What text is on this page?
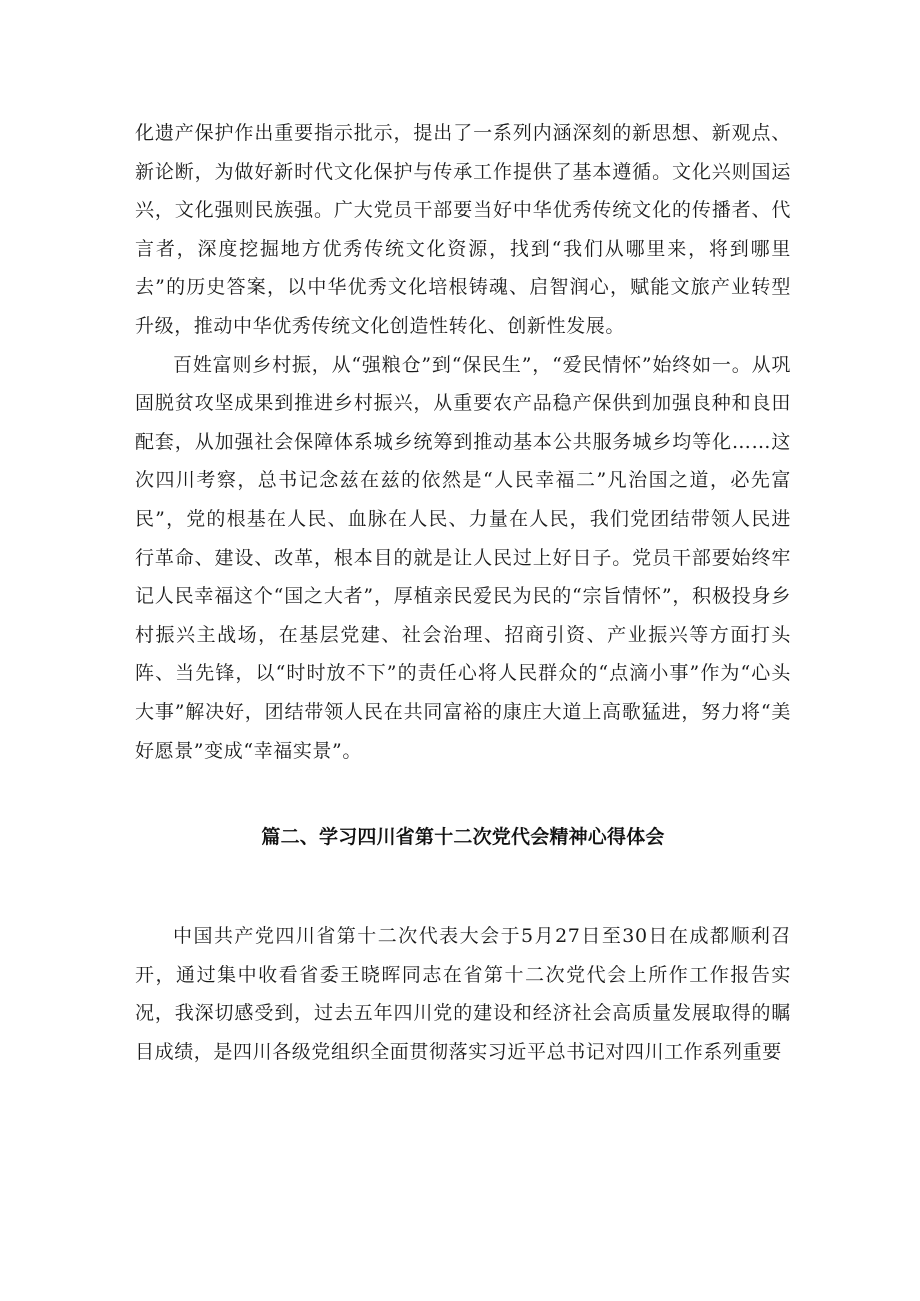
化遗产保护作出重要指示批示，提出了一系列内涵深刻的新思想、新观点、新论断，为做好新时代文化保护与传承工作提供了基本遵循。文化兴则国运兴，文化强则民族强。广大党员干部要当好中华优秀传统文化的传播者、代言者，深度挖掘地方优秀传统文化资源，找到“我们从哪里来，将到哪里去”的历史答案，以中华优秀文化培根铸魂、启智润心，赋能文旅产业转型升级，推动中华优秀传统文化创造性转化、创新性发展。

百姓富则乡村振，从“强粮仓”到“保民生”，“爱民情怀”始终如一。从巩固脱贫攻坚成果到推进乡村振兴，从重要农产品稳产保供到加强良种和良田配套，从加强社会保障体系城乡统筹到推动基本公共服务城乡均等化……这次四川考察，总书记念兹在兹的依然是“人民幸福二”凡治国之道，必先富民”，党的根基在人民、血脉在人民、力量在人民，我们党团结带领人民进行革命、建设、改革，根本目的就是让人民过上好日子。党员干部要始终牢记人民幸福这个“国之大者”，厚植亲民爱民为民的“宗旨情怀”，积极投身乡村振兴主战场，在基层党建、社会治理、招商引资、产业振兴等方面打头阵、当先锋，以“时时放不下”的责任心将人民群众的“点滴小事”作为“心头大事”解决好，团结带领人民在共同富裕的康庄大道上高歌猛进，努力将“美好愿景”变成“幸福实景”。

篇二、学习四川省第十二次党代会精神心得体会

中国共产党四川省第十二次代表大会于5月27日至30日在成都顺利召开，通过集中收看省委王晓晖同志在省第十二次党代会上所作工作报告实况，我深切感受到，过去五年四川党的建设和经济社会高质量发展取得的瞩目成绩，是四川各级党组织全面贯彻落实习近平总书记对四川工作系列重要
